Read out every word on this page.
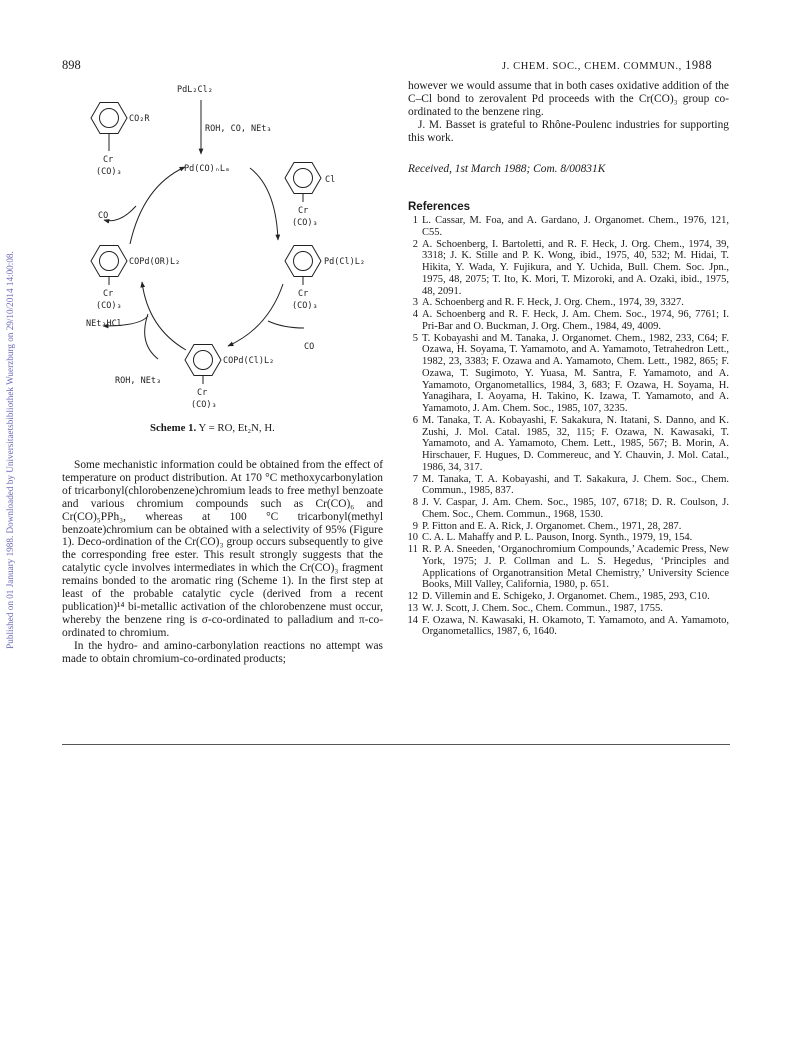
Published on 01 January 1988. Downloaded by Universitaetsbibliothek Wuerzburg on 29/10/2014 14:00:08.
898	J. CHEM. SOC., CHEM. COMMUN., 1988
PdL₂Cl₂
ROH, CO, NEt₃
Pd(CO)ₙLₘ
CO₂R
Cr
(CO)₃
Cl
Cr
(CO)₃
CO
COPd(OR)L₂
Cr
(CO)₃
Pd(Cl)L₂
Cr
(CO)₃
NEt₃HCl
CO
COPd(Cl)L₂
ROH, NEt₃
Cr
(CO)₃
Scheme 1. Y = RO, Et₂N, H.

Some mechanistic information could be obtained from the effect of temperature on product distribution. At 170 °C methoxycarbonylation of tricarbonyl(chlorobenzene)chromium leads to free methyl benzoate and various chromium compounds such as Cr(CO)₆ and Cr(CO)₅PPh₃, whereas at 100 °C tricarbonyl(methyl benzoate)chromium can be obtained with a selectivity of 95% (Figure 1). Deco-ordination of the Cr(CO)₃ group occurs subsequently to give the corresponding free ester. This result strongly suggests that the catalytic cycle involves intermediates in which the Cr(CO)₃ fragment remains bonded to the aromatic ring (Scheme 1). In the first step at least of the probable catalytic cycle (derived from a recent publication)¹⁴ bi-metallic activation of the chlorobenzene must occur, whereby the benzene ring is σ-co-ordinated to palladium and π-co-ordinated to chromium.

In the hydro- and amino-carbonylation reactions no attempt was made to obtain chromium-co-ordinated products;

however we would assume that in both cases oxidative addition of the C–Cl bond to zerovalent Pd proceeds with the Cr(CO)₃ group co-ordinated to the benzene ring.

J. M. Basset is grateful to Rhône-Poulenc industries for supporting this work.

Received, 1st March 1988; Com. 8/00831K
References
1 L. Cassar, M. Foa, and A. Gardano, J. Organomet. Chem., 1976, 121, C55.
2 A. Schoenberg, I. Bartoletti, and R. F. Heck, J. Org. Chem., 1974, 39, 3318; J. K. Stille and P. K. Wong, ibid., 1975, 40, 532; M. Hidai, T. Hikita, Y. Wada, Y. Fujikura, and Y. Uchida, Bull. Chem. Soc. Jpn., 1975, 48, 2075; T. Ito, K. Mori, T. Mizoroki, and A. Ozaki, ibid., 1975, 48, 2091.
3 A. Schoenberg and R. F. Heck, J. Org. Chem., 1974, 39, 3327.
4 A. Schoenberg and R. F. Heck, J. Am. Chem. Soc., 1974, 96, 7761; I. Pri-Bar and O. Buckman, J. Org. Chem., 1984, 49, 4009.
5 T. Kobayashi and M. Tanaka, J. Organomet. Chem., 1982, 233, C64; F. Ozawa, H. Soyama, T. Yamamoto, and A. Yamamoto, Tetrahedron Lett., 1982, 23, 3383; F. Ozawa and A. Yamamoto, Chem. Lett., 1982, 865; F. Ozawa, T. Sugimoto, Y. Yuasa, M. Santra, F. Yamamoto, and A. Yamamoto, Organometallics, 1984, 3, 683; F. Ozawa, H. Soyama, H. Yanagihara, I. Aoyama, H. Takino, K. Izawa, T. Yamamoto, and A. Yamamoto, J. Am. Chem. Soc., 1985, 107, 3235.
6 M. Tanaka, T. A. Kobayashi, F. Sakakura, N. Itatani, S. Danno, and K. Zushi, J. Mol. Catal. 1985, 32, 115; F. Ozawa, N. Kawasaki, T. Yamamoto, and A. Yamamoto, Chem. Lett., 1985, 567; B. Morin, A. Hirschauer, F. Hugues, D. Commereuc, and Y. Chauvin, J. Mol. Catal., 1986, 34, 317.
7 M. Tanaka, T. A. Kobayashi, and T. Sakakura, J. Chem. Soc., Chem. Commun., 1985, 837.
8 J. V. Caspar, J. Am. Chem. Soc., 1985, 107, 6718; D. R. Coulson, J. Chem. Soc., Chem. Commun., 1968, 1530.
9 P. Fitton and E. A. Rick, J. Organomet. Chem., 1971, 28, 287.
10 C. A. L. Mahaffy and P. L. Pauson, Inorg. Synth., 1979, 19, 154.
11 R. P. A. Sneeden, ‘Organochromium Compounds,’ Academic Press, New York, 1975; J. P. Collman and L. S. Hegedus, ‘Principles and Applications of Organotransition Metal Chemistry,’ University Science Books, Mill Valley, California, 1980, p. 651.
12 D. Villemin and E. Schigeko, J. Organomet. Chem., 1985, 293, C10.
13 W. J. Scott, J. Chem. Soc., Chem. Commun., 1987, 1755.
14 F. Ozawa, N. Kawasaki, H. Okamoto, T. Yamamoto, and A. Yamamoto, Organometallics, 1987, 6, 1640.
